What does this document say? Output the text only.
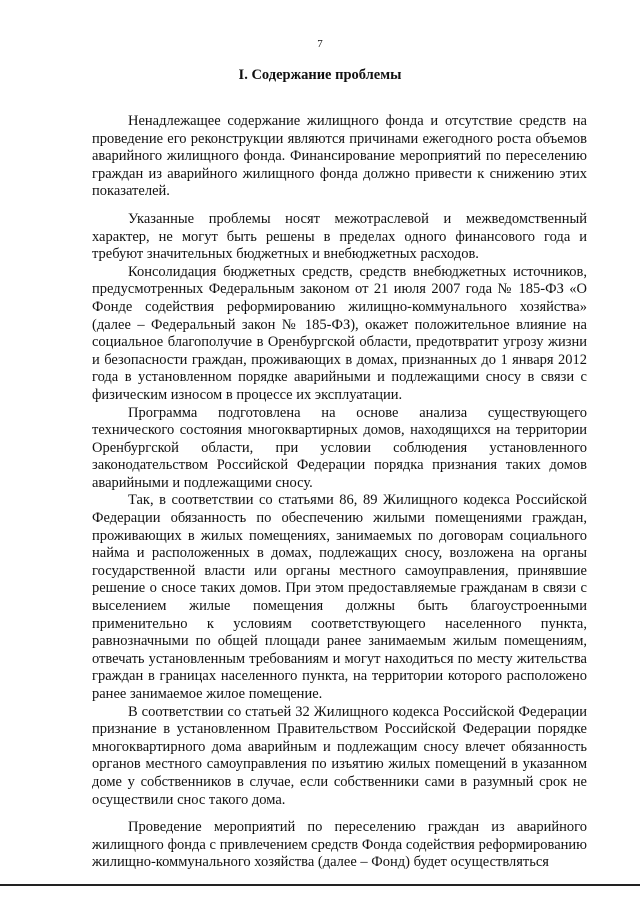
7
I. Содержание проблемы

Ненадлежащее содержание жилищного фонда и отсутствие средств на проведение его реконструкции являются причинами ежегодного роста объемов аварийного жилищного фонда. Финансирование мероприятий по переселению граждан из аварийного жилищного фонда должно привести к снижению этих показателей.

Указанные проблемы носят межотраслевой и межведомственный характер, не могут быть решены в пределах одного финансового года и требуют значительных бюджетных и внебюджетных расходов.

Консолидация бюджетных средств, средств внебюджетных источников, предусмотренных Федеральным законом от 21 июля 2007 года № 185-ФЗ «О Фонде содействия реформированию жилищно-коммунального хозяйства» (далее – Федеральный закон № 185-ФЗ), окажет положительное влияние на социальное благополучие в Оренбургской области, предотвратит угрозу жизни и безопасности граждан, проживающих в домах, признанных до 1 января 2012 года в установленном порядке аварийными и подлежащими сносу в связи с физическим износом в процессе их эксплуатации.

Программа подготовлена на основе анализа существующего технического состояния многоквартирных домов, находящихся на территории Оренбургской области, при условии соблюдения установленного законодательством Российской Федерации порядка признания таких домов аварийными и подлежащими сносу.

Так, в соответствии со статьями 86, 89 Жилищного кодекса Российской Федерации обязанность по обеспечению жилыми помещениями граждан, проживающих в жилых помещениях, занимаемых по договорам социального найма и расположенных в домах, подлежащих сносу, возложена на органы государственной власти или органы местного самоуправления, принявшие решение о сносе таких домов. При этом предоставляемые гражданам в связи с выселением жилые помещения должны быть благоустроенными применительно к условиям соответствующего населенного пункта, равнозначными по общей площади ранее занимаемым жилым помещениям, отвечать установленным требованиям и могут находиться по месту жительства граждан в границах населенного пункта, на территории которого расположено ранее занимаемое жилое помещение.

В соответствии со статьей 32 Жилищного кодекса Российской Федерации признание в установленном Правительством Российской Федерации порядке многоквартирного дома аварийным и подлежащим сносу влечет обязанность органов местного самоуправления по изъятию жилых помещений в указанном доме у собственников в случае, если собственники сами в разумный срок не осуществили снос такого дома.

Проведение мероприятий по переселению граждан из аварийного жилищного фонда с привлечением средств Фонда содействия реформированию жилищно-коммунального хозяйства (далее – Фонд) будет осуществляться
